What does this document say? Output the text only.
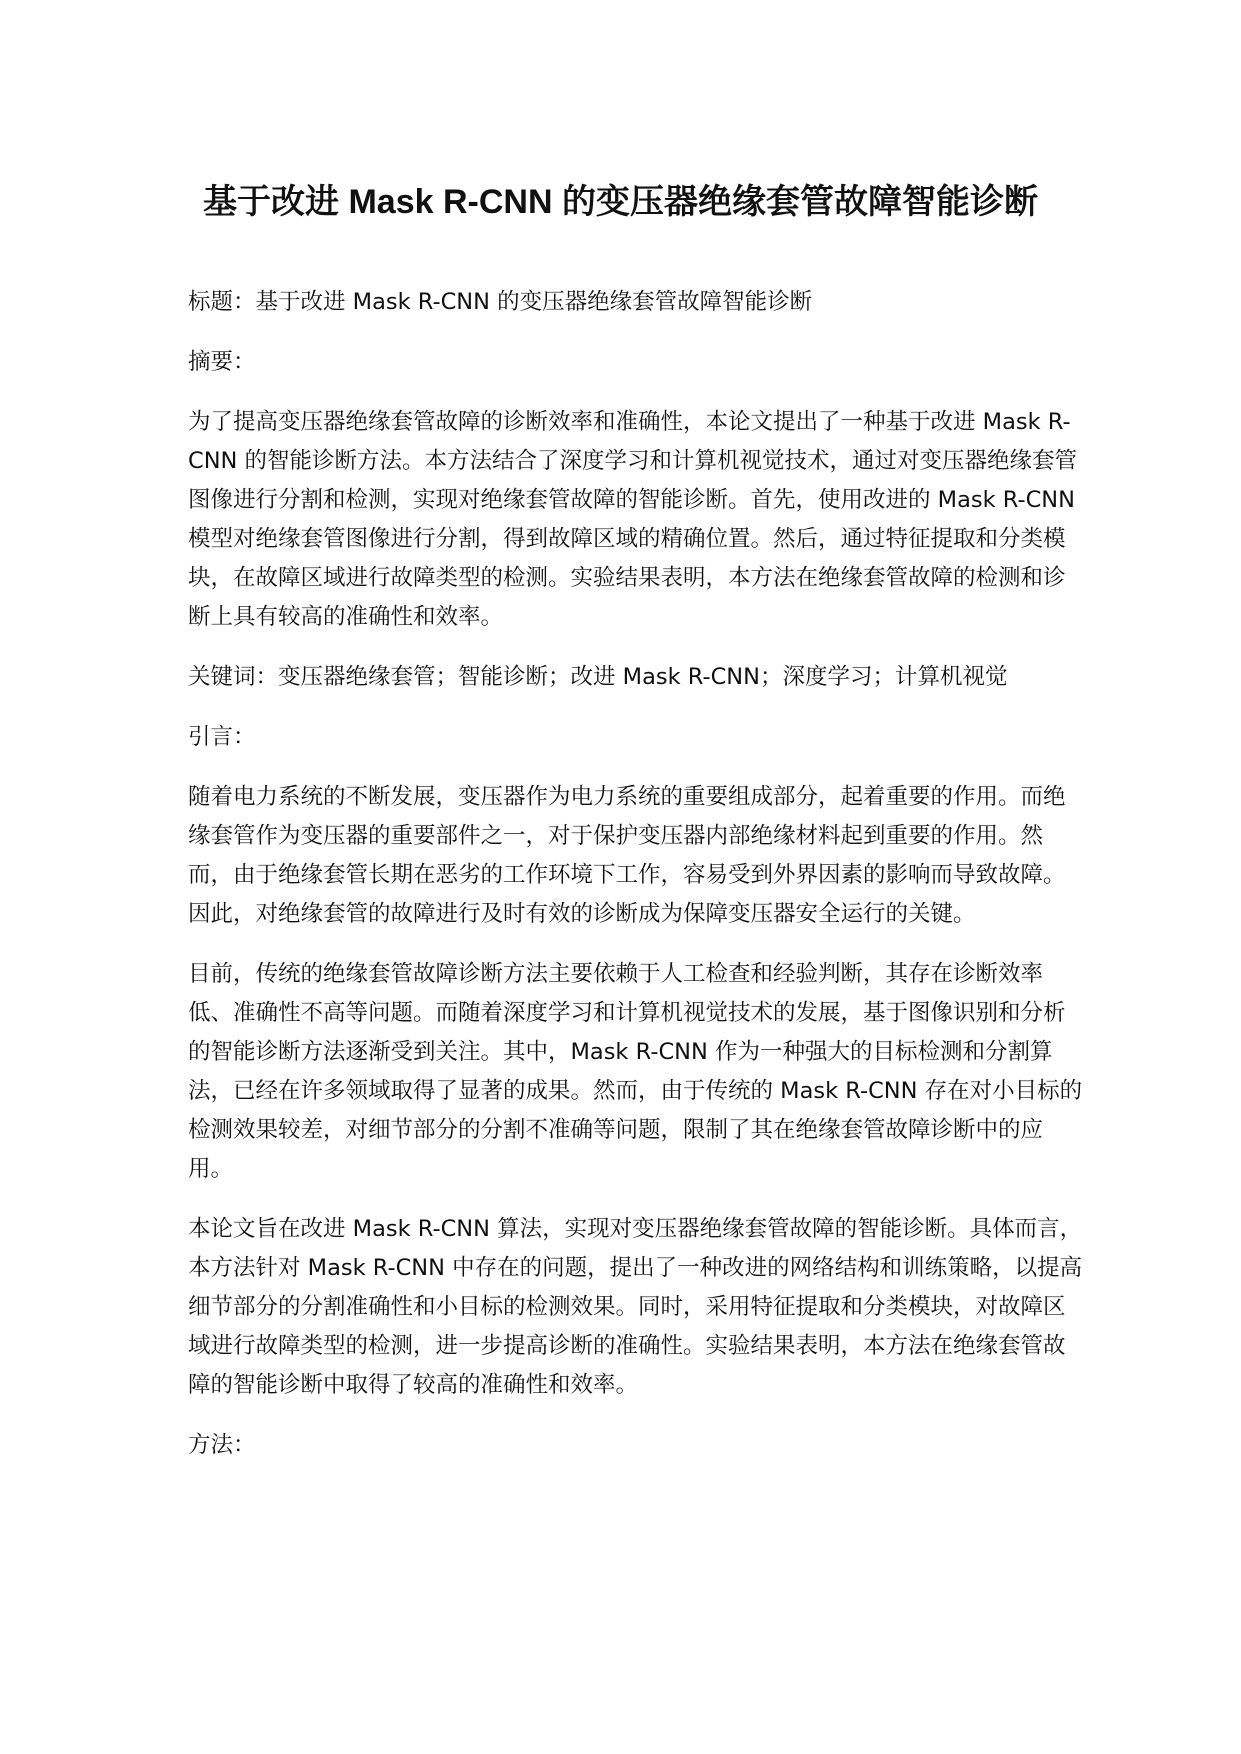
基于改进 Mask R-CNN 的变压器绝缘套管故障智能诊断

标题：基于改进 Mask R-CNN 的变压器绝缘套管故障智能诊断

摘要：

为了提高变压器绝缘套管故障的诊断效率和准确性，本论文提出了一种基于改进 Mask R-CNN 的智能诊断方法。本方法结合了深度学习和计算机视觉技术，通过对变压器绝缘套管图像进行分割和检测，实现对绝缘套管故障的智能诊断。首先，使用改进的 Mask R-CNN 模型对绝缘套管图像进行分割，得到故障区域的精确位置。然后，通过特征提取和分类模块，在故障区域进行故障类型的检测。实验结果表明，本方法在绝缘套管故障的检测和诊断上具有较高的准确性和效率。

关键词：变压器绝缘套管；智能诊断；改进 Mask R-CNN；深度学习；计算机视觉

引言：

随着电力系统的不断发展，变压器作为电力系统的重要组成部分，起着重要的作用。而绝缘套管作为变压器的重要部件之一，对于保护变压器内部绝缘材料起到重要的作用。然而，由于绝缘套管长期在恶劣的工作环境下工作，容易受到外界因素的影响而导致故障。因此，对绝缘套管的故障进行及时有效的诊断成为保障变压器安全运行的关键。

目前，传统的绝缘套管故障诊断方法主要依赖于人工检查和经验判断，其存在诊断效率低、准确性不高等问题。而随着深度学习和计算机视觉技术的发展，基于图像识别和分析的智能诊断方法逐渐受到关注。其中，Mask R-CNN 作为一种强大的目标检测和分割算法，已经在许多领域取得了显著的成果。然而，由于传统的 Mask R-CNN 存在对小目标的检测效果较差，对细节部分的分割不准确等问题，限制了其在绝缘套管故障诊断中的应用。

本论文旨在改进 Mask R-CNN 算法，实现对变压器绝缘套管故障的智能诊断。具体而言，本方法针对 Mask R-CNN 中存在的问题，提出了一种改进的网络结构和训练策略，以提高细节部分的分割准确性和小目标的检测效果。同时，采用特征提取和分类模块，对故障区域进行故障类型的检测，进一步提高诊断的准确性。实验结果表明，本方法在绝缘套管故障的智能诊断中取得了较高的准确性和效率。

方法：
